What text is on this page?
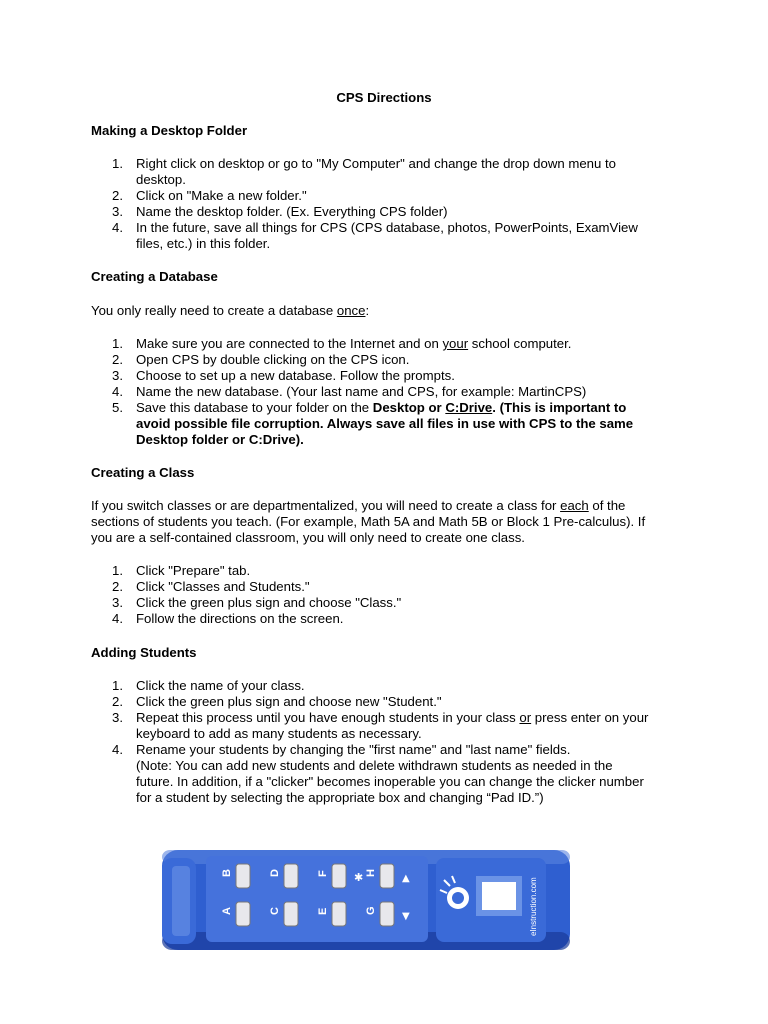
CPS Directions
Making a Desktop Folder
1. Right click on desktop or go to "My Computer" and change the drop down menu to
desktop.
2. Click on "Make a new folder."
3. Name the desktop folder. (Ex. Everything CPS folder)
4. In the future, save all things for CPS (CPS database, photos, PowerPoints, ExamView
files, etc.) in this folder.
Creating a Database
You only really need to create a database once:
1. Make sure you are connected to the Internet and on your school computer.
2. Open CPS by double clicking on the CPS icon.
3. Choose to set up a new database. Follow the prompts.
4. Name the new database. (Your last name and CPS, for example: MartinCPS)
5. Save this database to your folder on the Desktop or C:Drive. (This is important to
avoid possible file corruption. Always save all files in use with CPS to the same
Desktop folder or C:Drive).
Creating a Class
If you switch classes or are departmentalized, you will need to create a class for each of the
sections of students you teach. (For example, Math 5A and Math 5B or Block 1 Pre-calculus). If
you are a self-contained classroom, you will only need to create one class.
1. Click "Prepare" tab.
2. Click "Classes and Students."
3. Click the green plus sign and choose "Class."
4. Follow the directions on the screen.
Adding Students
1. Click the name of your class.
2. Click the green plus sign and choose new "Student."
3. Repeat this process until you have enough students in your class or press enter on your
keyboard to add as many students as necessary.
4. Rename your students by changing the "first name" and "last name" fields.
(Note: You can add new students and delete withdrawn students as needed in the
future. In addition, if a "clicker" becomes inoperable you can change the clicker number
for a student by selecting the appropriate box and changing “Pad ID.”)
B	D	F	H
A	C	E	G
✱	▲
▼	eInstruction.com
